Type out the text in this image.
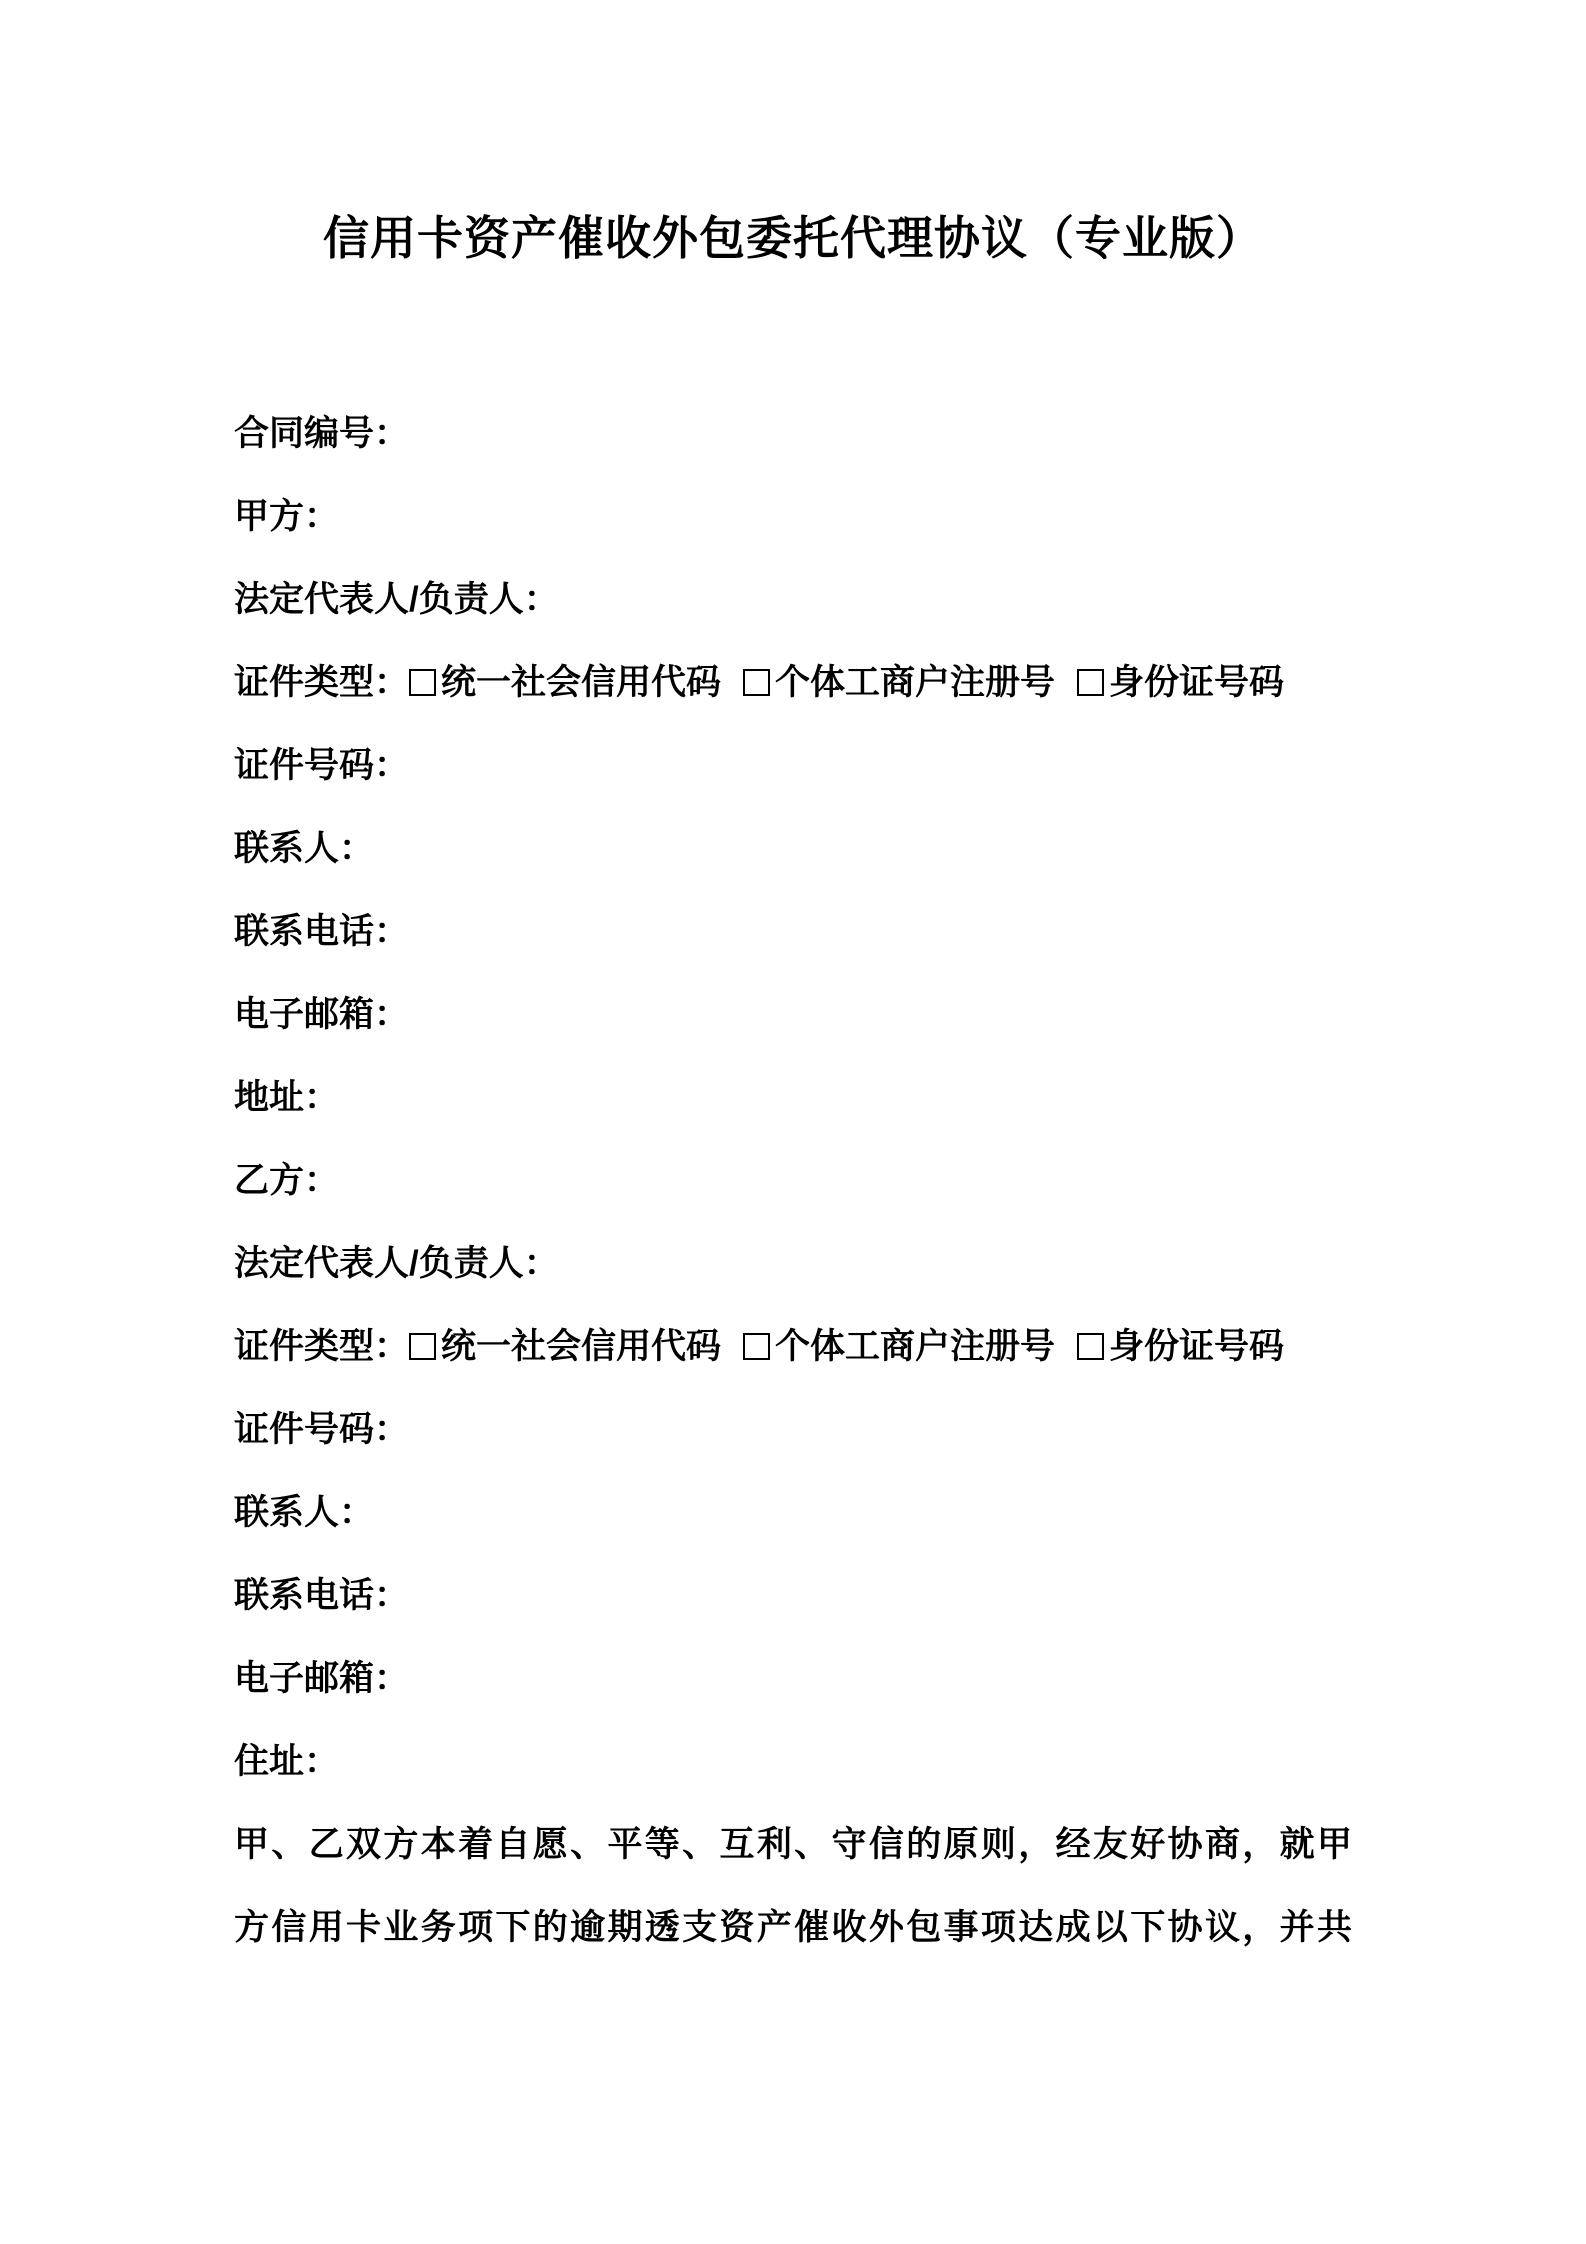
信用卡资产催收外包委托代理协议（专业版）
合同编号：
甲方：
法定代表人/负责人：
证件类型： 统一社会信用代码 个体工商户注册号 身份证号码
证件号码：
联系人：
联系电话：
电子邮箱：
地址：
乙方：
法定代表人/负责人：
证件类型： 统一社会信用代码 个体工商户注册号 身份证号码
证件号码：
联系人：
联系电话：
电子邮箱：
住址：
甲、乙双方本着自愿、平等、互利、守信的原则，经友好协商，就甲
方信用卡业务项下的逾期透支资产催收外包事项达成以下协议，并共
